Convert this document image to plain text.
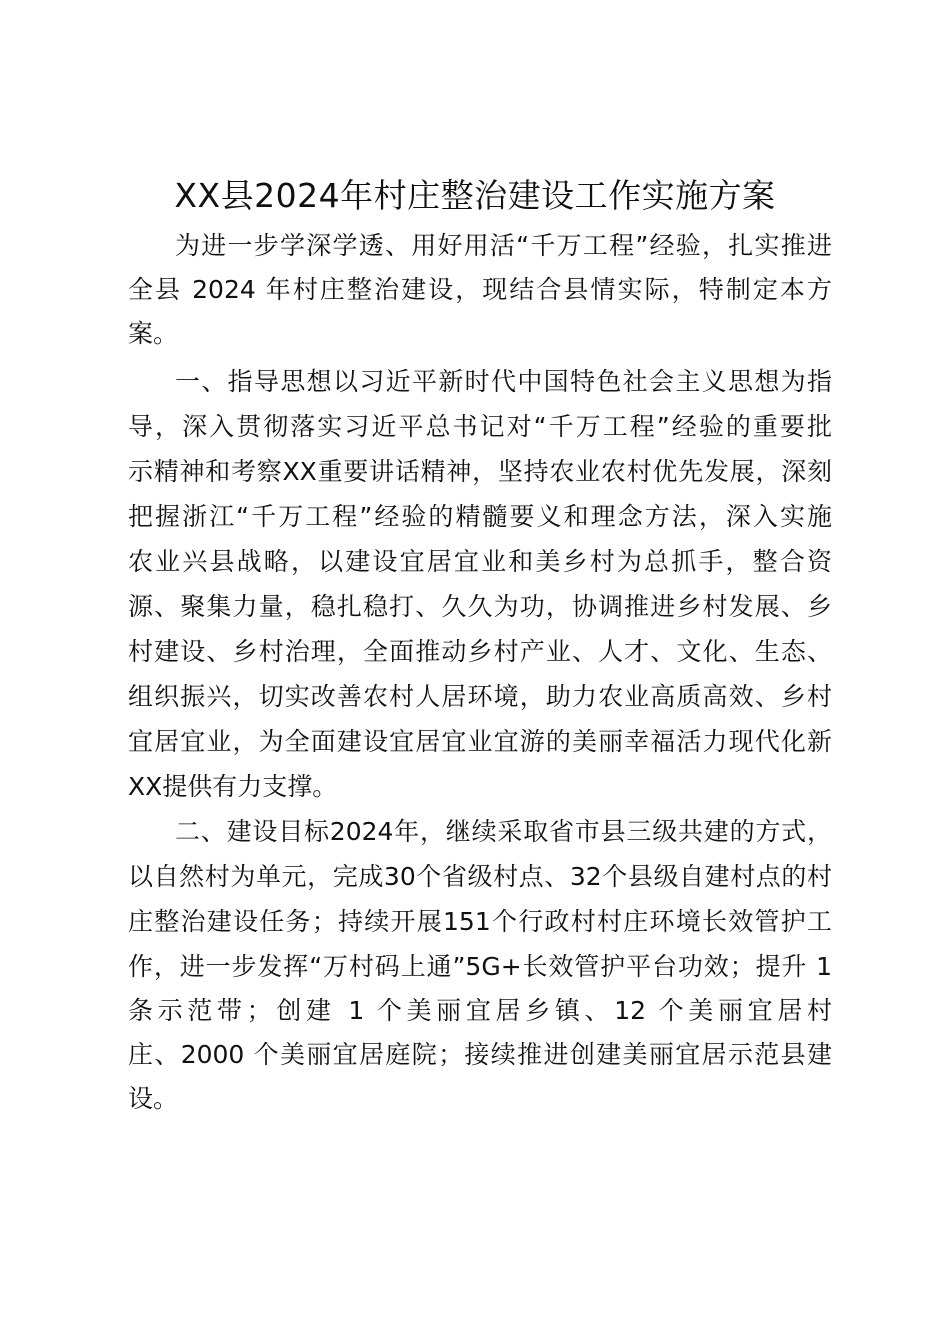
XX县2024年村庄整治建设工作实施方案
为进一步学深学透、用好用活“千万工程”经验，扎实推进
全县 2024 年村庄整治建设，现结合县情实际，特制定本方
案。
一、指导思想以习近平新时代中国特色社会主义思想为指
导，深入贯彻落实习近平总书记对“千万工程”经验的重要批
示精神和考察XX重要讲话精神，坚持农业农村优先发展，深刻
把握浙江“千万工程”经验的精髓要义和理念方法，深入实施
农业兴县战略，以建设宜居宜业和美乡村为总抓手，整合资
源、聚集力量，稳扎稳打、久久为功，协调推进乡村发展、乡
村建设、乡村治理，全面推动乡村产业、人才、文化、生态、
组织振兴，切实改善农村人居环境，助力农业高质高效、乡村
宜居宜业，为全面建设宜居宜业宜游的美丽幸福活力现代化新
XX提供有力支撑。
二、建设目标2024年，继续采取省市县三级共建的方式，
以自然村为单元，完成30个省级村点、32个县级自建村点的村
庄整治建设任务；持续开展151个行政村村庄环境长效管护工
作，进一步发挥“万村码上通”5G+长效管护平台功效；提升 1
条示范带；创建 1 个美丽宜居乡镇、12 个美丽宜居村
庄、2000 个美丽宜居庭院；接续推进创建美丽宜居示范县建
设。
